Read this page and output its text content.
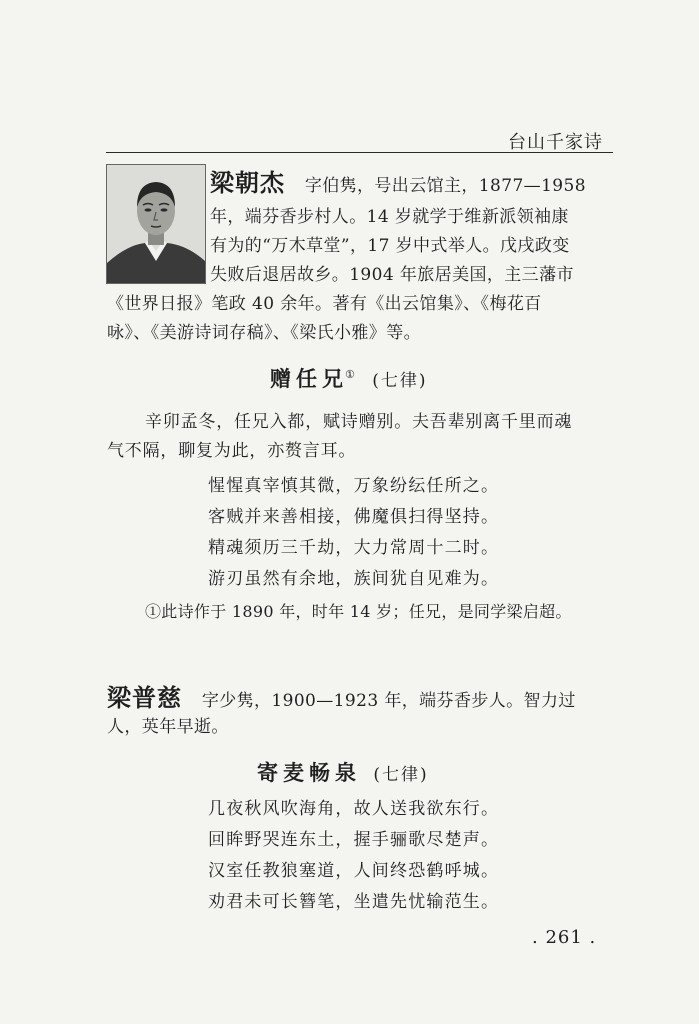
台山千家诗
梁朝杰 字伯隽，号出云馆主，1877—1958
年，端芬香步村人。14 岁就学于维新派领袖康
有为的“万木草堂”，17 岁中式举人。戊戌政变
失败后退居故乡。1904 年旅居美国，主三藩市
《世界日报》笔政 40 余年。著有《出云馆集》、《梅花百
咏》、《美游诗词存稿》、《梁氏小雅》等。
赠任兄① (七律)
辛卯孟冬，任兄入都，赋诗赠别。夫吾辈别离千里而魂
气不隔，聊复为此，亦赘言耳。
惺惺真宰慎其微，万象纷纭任所之。
客贼并来善相接，佛魔俱扫得坚持。
精魂须历三千劫，大力常周十二时。
游刃虽然有余地，族间犹自见难为。
①此诗作于 1890 年，时年 14 岁；任兄，是同学梁启超。
梁普慈 字少隽，1900—1923 年，端芬香步人。智力过
人，英年早逝。
寄麦畅泉 (七律)
几夜秋风吹海角，故人送我欲东行。
回眸野哭连东土，握手骊歌尽楚声。
汉室任教狼塞道，人间终恐鹤呼城。
劝君未可长簪笔，坐遣先忧输范生。
. 261 .
